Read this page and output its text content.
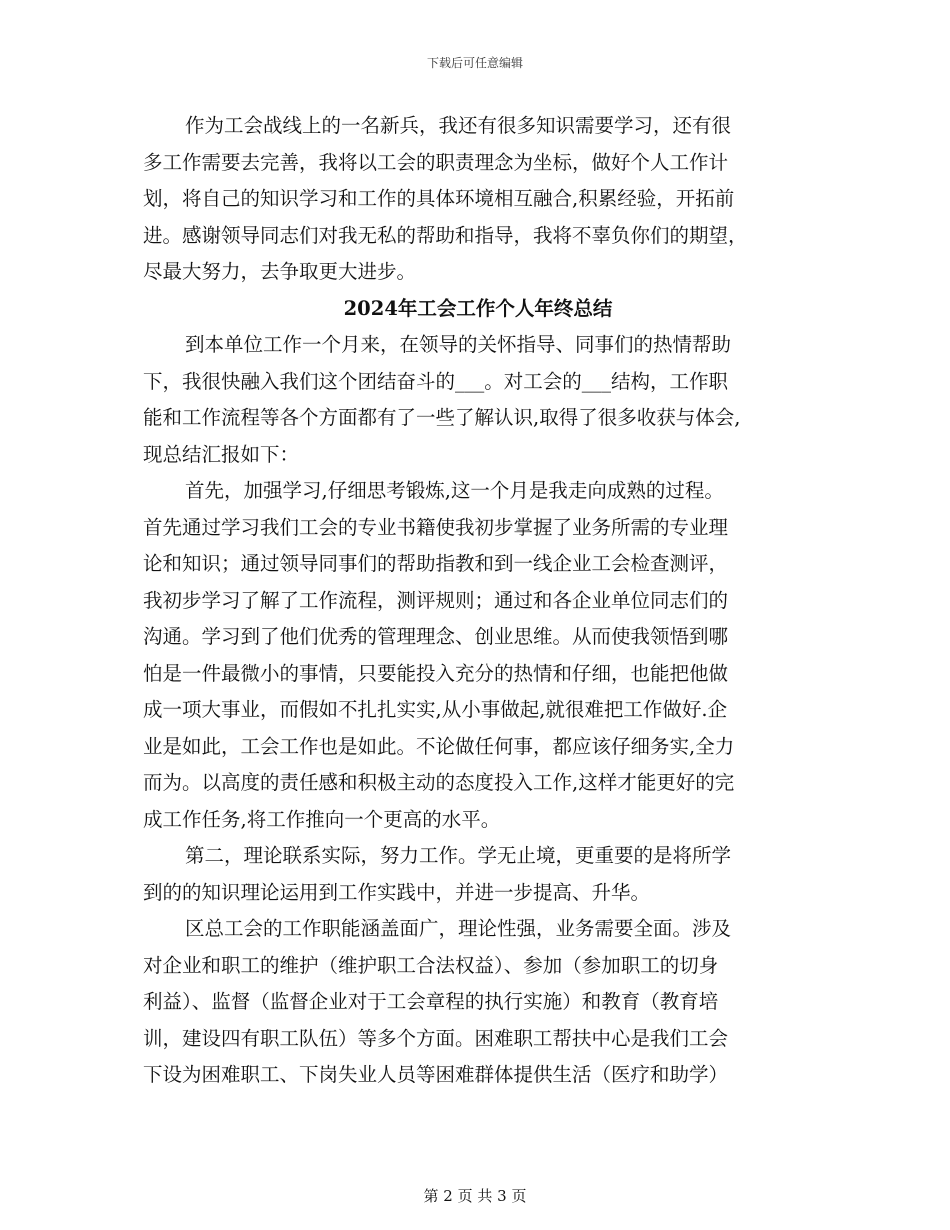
下载后可任意编辑
作为工会战线上的一名新兵，我还有很多知识需要学习，还有很
多工作需要去完善，我将以工会的职责理念为坐标，做好个人工作计
划，将自己的知识学习和工作的具体环境相互融合,积累经验，开拓前
进。感谢领导同志们对我无私的帮助和指导，我将不辜负你们的期望，
尽最大努力，去争取更大进步。
2024年工会工作个人年终总结
到本单位工作一个月来，在领导的关怀指导、同事们的热情帮助
下，我很快融入我们这个团结奋斗的___。对工会的___结构，工作职
能和工作流程等各个方面都有了一些了解认识,取得了很多收获与体会,
现总结汇报如下：
首先，加强学习,仔细思考锻炼,这一个月是我走向成熟的过程。
首先通过学习我们工会的专业书籍使我初步掌握了业务所需的专业理
论和知识；通过领导同事们的帮助指教和到一线企业工会检查测评，
我初步学习了解了工作流程，测评规则；通过和各企业单位同志们的
沟通。学习到了他们优秀的管理理念、创业思维。从而使我领悟到哪
怕是一件最微小的事情，只要能投入充分的热情和仔细，也能把他做
成一项大事业，而假如不扎扎实实,从小事做起,就很难把工作做好.企
业是如此，工会工作也是如此。不论做任何事，都应该仔细务实,全力
而为。以高度的责任感和积极主动的态度投入工作,这样才能更好的完
成工作任务,将工作推向一个更高的水平。
第二，理论联系实际，努力工作。学无止境，更重要的是将所学
到的的知识理论运用到工作实践中，并进一步提高、升华。
区总工会的工作职能涵盖面广，理论性强，业务需要全面。涉及
对企业和职工的维护（维护职工合法权益）、参加（参加职工的切身
利益）、监督（监督企业对于工会章程的执行实施）和教育（教育培
训，建设四有职工队伍）等多个方面。困难职工帮扶中心是我们工会
下设为困难职工、下岗失业人员等困难群体提供生活（医疗和助学）
第 2 页 共 3 页
